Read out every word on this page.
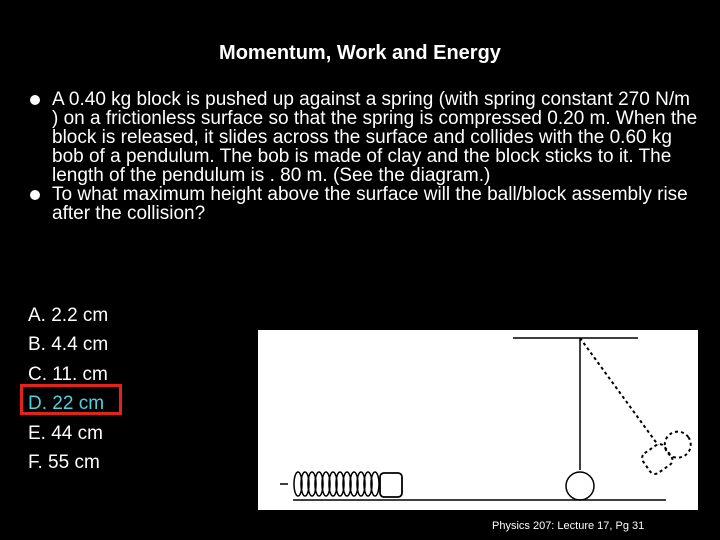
Momentum, Work and Energy
A 0.40 kg block is pushed up against a spring (with spring constant 270 N/m ) on a frictionless surface so that the spring is compressed 0.20 m. When the block is released, it slides across the surface and collides with the 0.60 kg bob of a pendulum. The bob is made of clay and the block sticks to it. The length of the pendulum is . 80 m. (See the diagram.)
To what maximum height above the surface will the ball/block assembly rise after the collision?
A. 2.2 cm
B. 4.4 cm
C. 11. cm
D. 22 cm
E. 44 cm
F. 55 cm
Physics 207: Lecture 17, Pg 31
